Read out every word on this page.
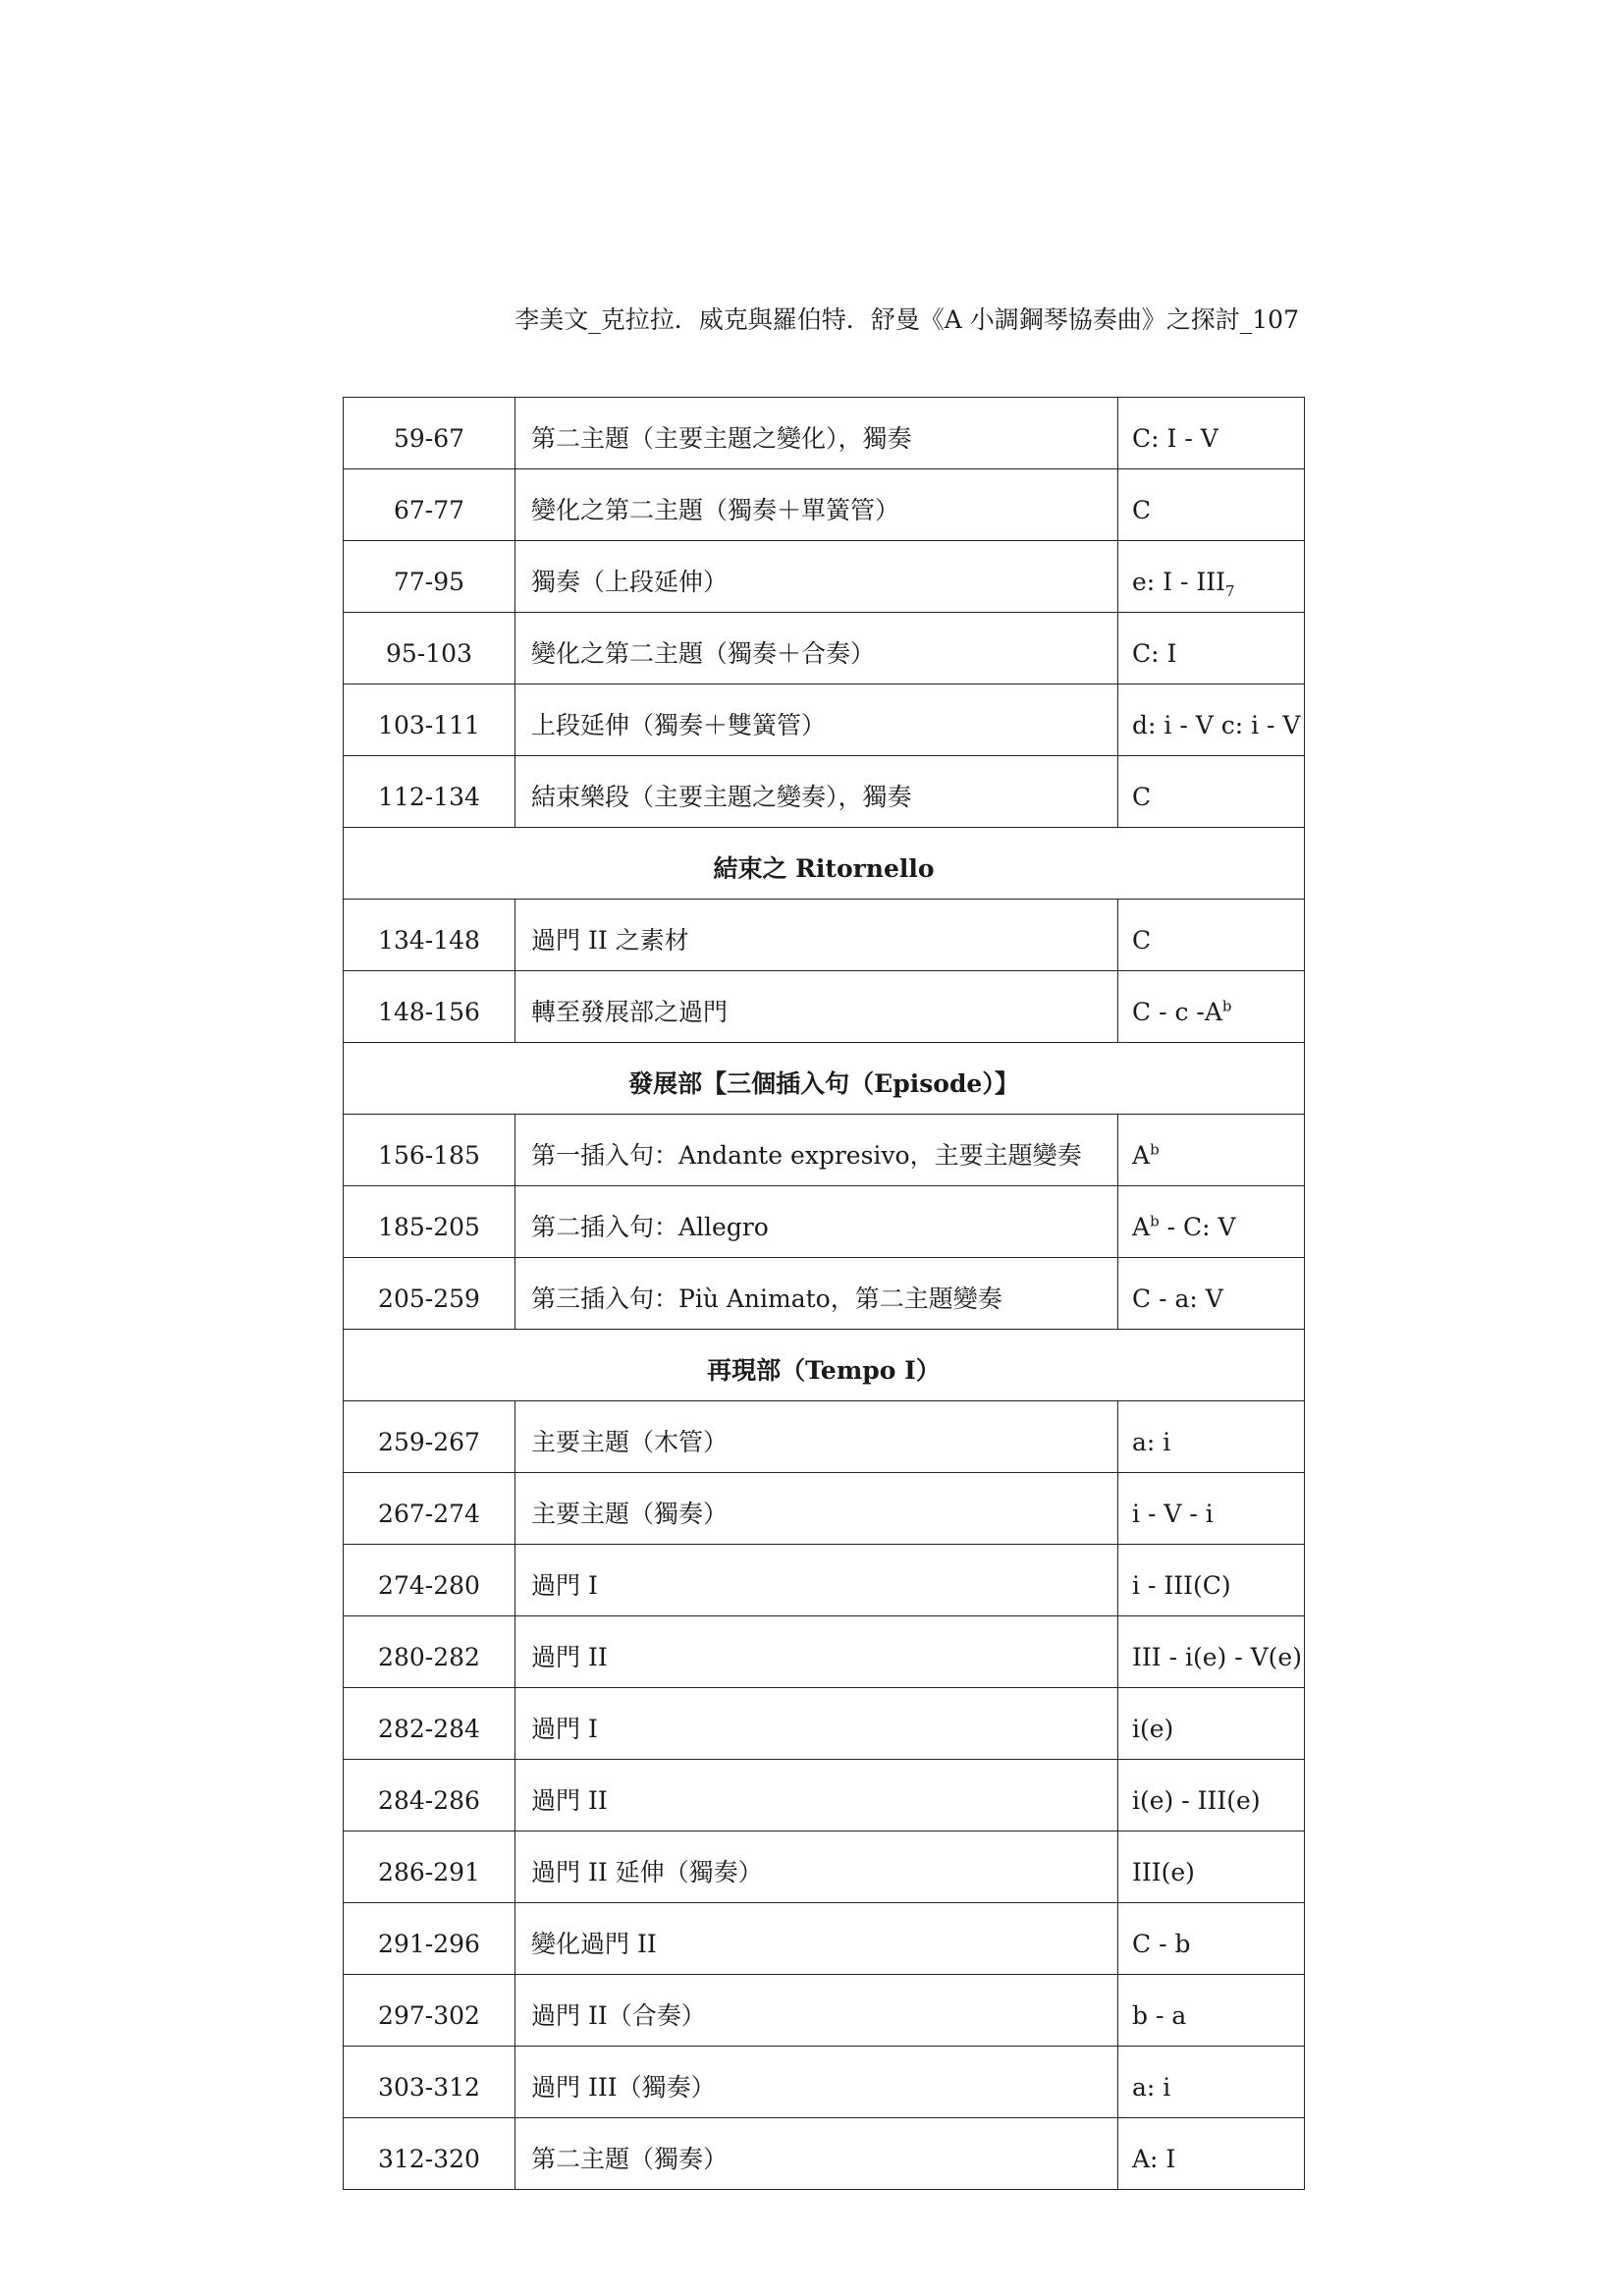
李美文_克拉拉．威克與羅伯特．舒曼《A 小調鋼琴協奏曲》之探討_107
59-67	第二主題（主要主題之變化），獨奏	C: I - V
67-77	變化之第二主題（獨奏＋單簧管）	C
77-95	獨奏（上段延伸）	e: I - $III_7$
95-103	變化之第二主題（獨奏＋合奏）	C: I
103-111	上段延伸（獨奏＋雙簧管）	d: i - V c: i - V
112-134	結束樂段（主要主題之變奏），獨奏	C
結束之 Ritornello		
134-148	過門 II 之素材	C
148-156	轉至發展部之過門	C - c $-A^b$
發展部【三個插入句（Episode）】		
156-185	第一插入句：Andante expresivo，主要主題變奏	$A^b$
185-205	第二插入句：Allegro	$A^b$ - C: V
205-259	第三插入句：Più Animato，第二主題變奏	C - a: V
再現部（Tempo I）		
259-267	主要主題（木管）	a: i
267-274	主要主題（獨奏）	i - V - i
274-280	過門 I	i - III(C)
280-282	過門 II	III - i(e) - V(e)
282-284	過門 I	i(e)
284-286	過門 II	i(e) - III(e)
286-291	過門 II 延伸（獨奏）	III(e)
291-296	變化過門 II	C - b
297-302	過門 II（合奏）	b - a
303-312	過門 III（獨奏）	a: i
312-320	第二主題（獨奏）	A: I
